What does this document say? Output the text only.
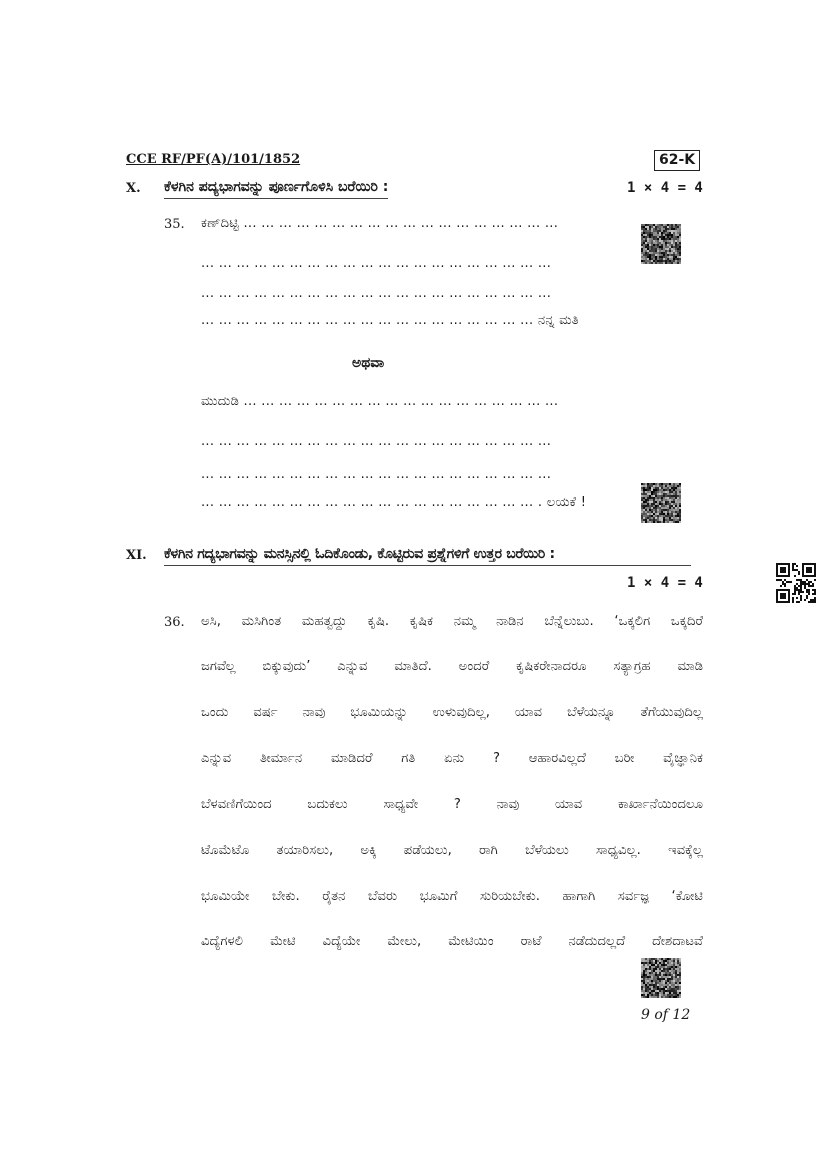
CCE RF/PF(A)/101/1852	62-K
X. ಕೆಳಗಿನ ಪದ್ಯಭಾಗವನ್ನು ಪೂರ್ಣಗೊಳಿಸಿ ಬರೆಯಿರಿ :	1 × 4 = 4
35. ಕಣ್‌ದಿಟ್ಟಿ ... ... ... ... ... ... ... ... ... ... ... ... ... ... ... ... ... ...
... ... ... ... ... ... ... ... ... ... ... ... ... ... ... ... ... ... ... ...
... ... ... ... ... ... ... ... ... ... ... ... ... ... ... ... ... ... ... ...
... ... ... ... ... ... ... ... ... ... ... ... ... ... ... ... ... ... ... ನನ್ನ ಮತಿ
ಅಥವಾ
ಮುದುಡಿ ... ... ... ... ... ... ... ... ... ... ... ... ... ... ... ... ... ...
... ... ... ... ... ... ... ... ... ... ... ... ... ... ... ... ... ... ... ...
... ... ... ... ... ... ... ... ... ... ... ... ... ... ... ... ... ... ... ...
... ... ... ... ... ... ... ... ... ... ... ... ... ... ... ... ... ... ... . ಲಯಕೆ !
XI. ಕೆಳಗಿನ ಗದ್ಯಭಾಗವನ್ನು ಮನಸ್ಸಿನಲ್ಲಿ ಓದಿಕೊಂಡು, ಕೊಟ್ಟಿರುವ ಪ್ರಶ್ನೆಗಳಿಗೆ ಉತ್ತರ ಬರೆಯಿರಿ :
1 × 4 = 4
36. ಅಸಿ, ಮಸಿಗಿಂತ ಮಹತ್ವದ್ದು ಕೃಷಿ. ಕೃಷಿಕ ನಮ್ಮ ನಾಡಿನ ಬೆನ್ನೆಲುಬು. ‘ಒಕ್ಕಲಿಗ ಒಕ್ಕದಿರೆ
ಜಗವೆಲ್ಲ ಬಿಕ್ಕುವುದು’ ಎನ್ನುವ ಮಾತಿದೆ. ಅಂದರೆ ಕೃಷಿಕರೇನಾದರೂ ಸತ್ಯಾಗ್ರಹ ಮಾಡಿ
ಒಂದು ವರ್ಷ ನಾವು ಭೂಮಿಯನ್ನು ಉಳುವುದಿಲ್ಲ, ಯಾವ ಬೆಳೆಯನ್ನೂ ತೆಗೆಯುವುದಿಲ್ಲ
ಎನ್ನುವ ತೀರ್ಮಾನ ಮಾಡಿದರೆ ಗತಿ ಏನು ? ಆಹಾರವಿಲ್ಲದೆ ಬರೀ ವೈಜ್ಞಾನಿಕ
ಬೆಳವಣಿಗೆಯಿಂದ ಬದುಕಲು ಸಾಧ್ಯವೇ ? ನಾವು ಯಾವ ಕಾರ್ಖಾನೆಯಿಂದಲೂ
ಟೊಮೆಟೊ ತಯಾರಿಸಲು, ಅಕ್ಕಿ ಪಡೆಯಲು, ರಾಗಿ ಬೆಳೆಯಲು ಸಾಧ್ಯವಿಲ್ಲ. ಇವಕ್ಕೆಲ್ಲ
ಭೂಮಿಯೇ ಬೇಕು. ರೈತನ ಬೆವರು ಭೂಮಿಗೆ ಸುರಿಯಬೇಕು. ಹಾಗಾಗಿ ಸರ್ವಜ್ಞ ‘ಕೋಟಿ
ವಿದ್ಯೆಗಳಲಿ ಮೇಟಿ ವಿದ್ಯೆಯೇ ಮೇಲು, ಮೇಟಿಯಿಂ ರಾಟೆ ನಡೆದುದಲ್ಲದೆ ದೇಶದಾಟವೆ
9 of 12
